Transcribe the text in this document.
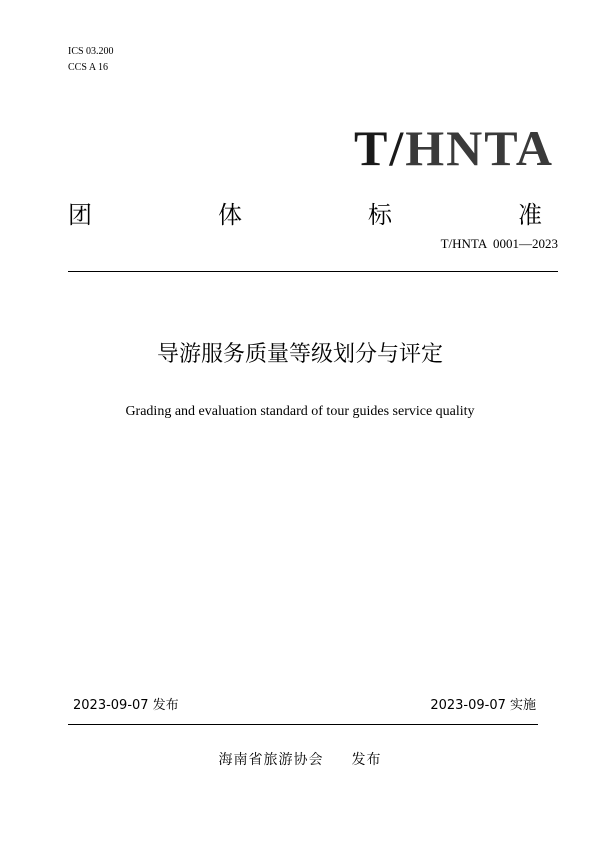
ICS 03.200
CCS A 16
T/HNTA
团	体	标	准
T/HNTA  0001—2023
导游服务质量等级划分与评定
Grading and evaluation standard of tour guides service quality
2023-09-07 发布	2023-09-07 实施
海南省旅游协会 发布
